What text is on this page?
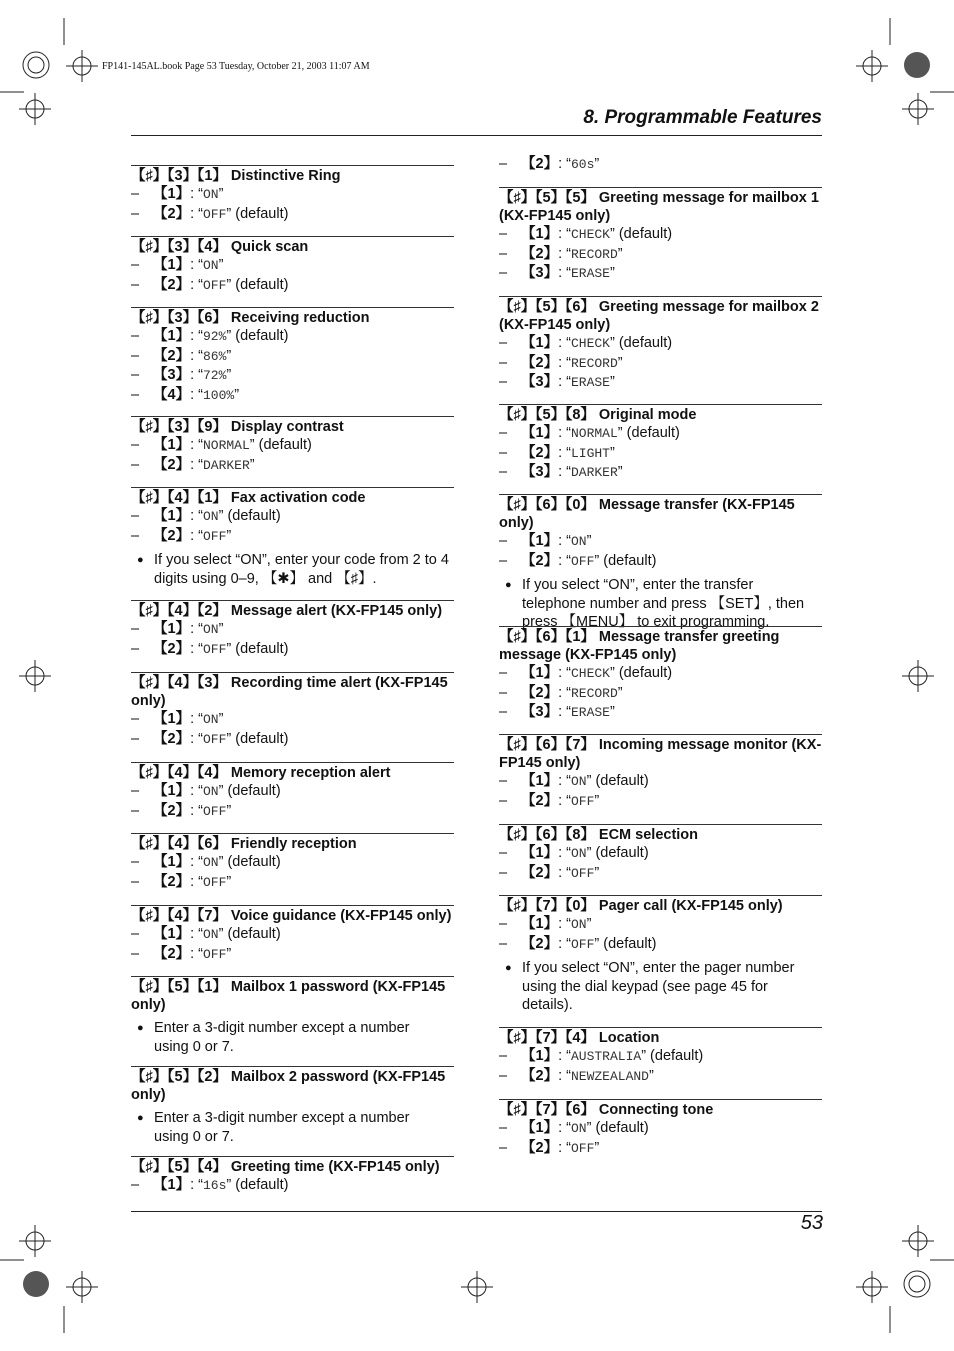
FP141-145AL.book Page 53 Tuesday, October 21, 2003 11:07 AM
8. Programmable Features
【♯】【3】【1】 Distinctive Ring
– 【1】: “ON”
– 【2】: “OFF” (default)
【♯】【3】【4】 Quick scan
– 【1】: “ON”
– 【2】: “OFF” (default)
【♯】【3】【6】 Receiving reduction
– 【1】: “92%” (default)
– 【2】: “86%”
– 【3】: “72%”
– 【4】: “100%”
【♯】【3】【9】 Display contrast
– 【1】: “NORMAL” (default)
– 【2】: “DARKER”
【♯】【4】【1】 Fax activation code
– 【1】: “ON” (default)
– 【2】: “OFF”
● If you select “ON”, enter your code from 2 to 4
digits using 0–9, 【✱】 and 【♯】.
【♯】【4】【2】 Message alert (KX-FP145 only)
– 【1】: “ON”
– 【2】: “OFF” (default)
【♯】【4】【3】 Recording time alert (KX-FP145 only)
– 【1】: “ON”
– 【2】: “OFF” (default)
【♯】【4】【4】 Memory reception alert
– 【1】: “ON” (default)
– 【2】: “OFF”
【♯】【4】【6】 Friendly reception
– 【1】: “ON” (default)
– 【2】: “OFF”
【♯】【4】【7】 Voice guidance (KX-FP145 only)
– 【1】: “ON” (default)
– 【2】: “OFF”
【♯】【5】【1】 Mailbox 1 password (KX-FP145 only)
● Enter a 3-digit number except a number
using 0 or 7.
【♯】【5】【2】 Mailbox 2 password (KX-FP145 only)
● Enter a 3-digit number except a number
using 0 or 7.
【♯】【5】【4】 Greeting time (KX-FP145 only)
– 【1】: “16s” (default)
– 【2】: “60s”
【♯】【5】【5】 Greeting message for mailbox 1 (KX-FP145 only)
– 【1】: “CHECK” (default)
– 【2】: “RECORD”
– 【3】: “ERASE”
【♯】【5】【6】 Greeting message for mailbox 2 (KX-FP145 only)
– 【1】: “CHECK” (default)
– 【2】: “RECORD”
– 【3】: “ERASE”
【♯】【5】【8】 Original mode
– 【1】: “NORMAL” (default)
– 【2】: “LIGHT”
– 【3】: “DARKER”
【♯】【6】【0】 Message transfer (KX-FP145 only)
– 【1】: “ON”
– 【2】: “OFF” (default)
● If you select “ON”, enter the transfer
telephone number and press 【SET】, then
press 【MENU】 to exit programming.
【♯】【6】【1】 Message transfer greeting message (KX-FP145 only)
– 【1】: “CHECK” (default)
– 【2】: “RECORD”
– 【3】: “ERASE”
【♯】【6】【7】 Incoming message monitor (KX-FP145 only)
– 【1】: “ON” (default)
– 【2】: “OFF”
【♯】【6】【8】 ECM selection
– 【1】: “ON” (default)
– 【2】: “OFF”
【♯】【7】【0】 Pager call (KX-FP145 only)
– 【1】: “ON”
– 【2】: “OFF” (default)
● If you select “ON”, enter the pager number
using the dial keypad (see page 45 for
details).
【♯】【7】【4】 Location
– 【1】: “AUSTRALIA” (default)
– 【2】: “NEWZEALAND”
【♯】【7】【6】 Connecting tone
– 【1】: “ON” (default)
– 【2】: “OFF”
53
